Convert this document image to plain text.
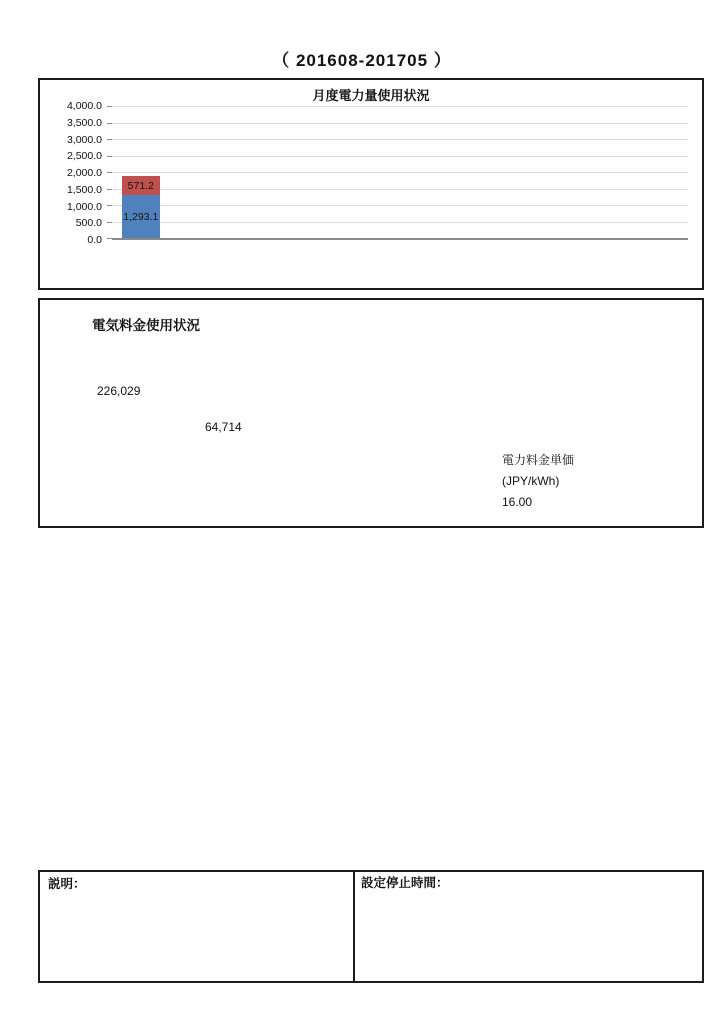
（ 201608-201705 ）
月度電力量使用状況
4,000.0
3,500.0
3,000.0
2,500.0
2,000.0
1,500.0
1,000.0
500.0
0.0
571.2
1,293.1
電気料金使用状況
226,029
64,714
電力料金単価
(JPY/kWh)
16.00
説明：	設定停止時間：
